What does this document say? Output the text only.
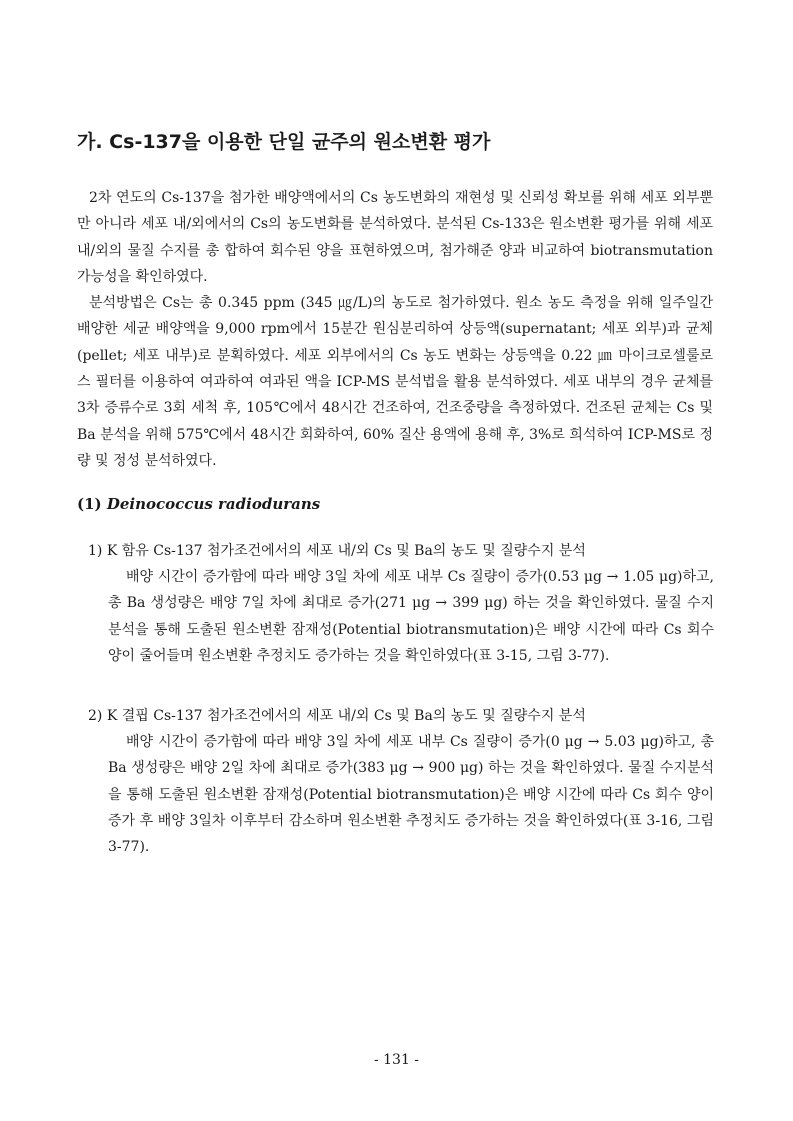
가. Cs-137을 이용한 단일 균주의 원소변환 평가

2차 연도의 Cs-137을 첨가한 배양액에서의 Cs 농도변화의 재현성 및 신뢰성 확보를 위해 세포 외부뿐만 아니라 세포 내/외에서의 Cs의 농도변화를 분석하였다. 분석된 Cs-133은 원소변환 평가를 위해 세포 내/외의 물질 수지를 총 합하여 회수된 양을 표현하였으며, 첨가해준 양과 비교하여 biotransmutation 가능성을 확인하였다.

분석방법은 Cs는 총 0.345 ppm (345 ㎍/L)의 농도로 첨가하였다. 원소 농도 측정을 위해 일주일간 배양한 세균 배양액을 9,000 rpm에서 15분간 원심분리하여 상등액(supernatant; 세포 외부)과 균체(pellet; 세포 내부)로 분획하였다. 세포 외부에서의 Cs 농도 변화는 상등액을 0.22 ㎛ 마이크로셀룰로스 필터를 이용하여 여과하여 여과된 액을 ICP-MS 분석법을 활용 분석하였다. 세포 내부의 경우 균체를 3차 증류수로 3회 세척 후, 105℃에서 48시간 건조하여, 건조중량을 측정하였다. 건조된 균체는 Cs 및 Ba 분석을 위해 575℃에서 48시간 회화하여, 60% 질산 용액에 용해 후, 3%로 희석하여 ICP-MS로 정량 및 정성 분석하였다.

(1) Deinococcus radiodurans
1) K 함유 Cs-137 첨가조건에서의 세포 내/외 Cs 및 Ba의 농도 및 질량수지 분석
배양 시간이 증가함에 따라 배양 3일 차에 세포 내부 Cs 질량이 증가(0.53 μg → 1.05 μg)하고, 총 Ba 생성량은 배양 7일 차에 최대로 증가(271 μg → 399 μg) 하는 것을 확인하였다. 물질 수지분석을 통해 도출된 원소변환 잠재성(Potential biotransmutation)은 배양 시간에 따라 Cs 회수 양이 줄어들며 원소변환 추정치도 증가하는 것을 확인하였다(표 3-15, 그림 3-77).
2) K 결핍 Cs-137 첨가조건에서의 세포 내/외 Cs 및 Ba의 농도 및 질량수지 분석
배양 시간이 증가함에 따라 배양 3일 차에 세포 내부 Cs 질량이 증가(0 μg → 5.03 μg)하고, 총 Ba 생성량은 배양 2일 차에 최대로 증가(383 μg → 900 μg) 하는 것을 확인하였다. 물질 수지분석을 통해 도출된 원소변환 잠재성(Potential biotransmutation)은 배양 시간에 따라 Cs 회수 양이 증가 후 배양 3일차 이후부터 감소하며 원소변환 추정치도 증가하는 것을 확인하였다(표 3-16, 그림3-77).
- 131 -
